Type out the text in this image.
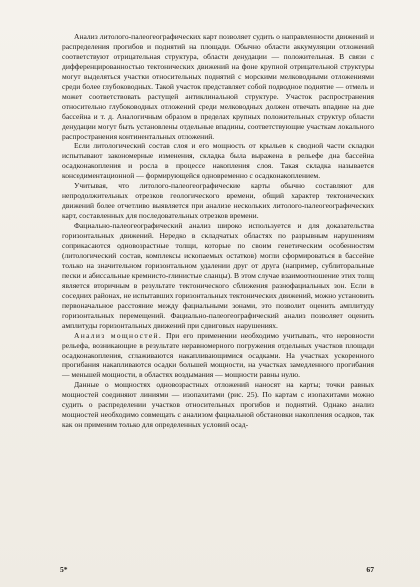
Анализ литолого-палеогеографических карт позволяет судить о направленности движений и распределения прогибов и поднятий на площади. Обычно области аккумуляции отложений соответствуют отрицательная структура, области денудации — положительная. В связи с дифференцированностью тектонических движений на фоне крупной отрицательной структуры могут выделяться участки относительных поднятий с морскими мелководными отложениями среди более глубоководных. Такой участок представляет собой подводное поднятие — отмель и может соответствовать растущей антиклинальной структуре. Участок распространения относительно глубоководных отложений среди мелководных должен отвечать впадине на дне бассейна и т. д. Аналогичным образом в пределах крупных положительных структур области денудации могут быть установлены отдельные впадины, соответствующие участкам локального распространения континентальных отложений.

Если литологический состав слоя и его мощность от крыльев к сводной части складки испытывают закономерные изменения, складка была выражена в рельефе дна бассейна осадконакопления и росла в процессе накопления слоя. Такая складка называется конседиментационной — формирующейся одновременно с осадконакоплением.

Учитывая, что литолого-палеогеографические карты обычно составляют для непродолжительных отрезков геологического времени, общий характер тектонических движений более отчетливо выявляется при анализе нескольких литолого-палеогеографических карт, составленных для последовательных отрезков времени.

Фациально-палеогеографический анализ широко используется и для доказательства горизонтальных движений. Нередко в складчатых областях по разрывным нарушениям соприкасаются одновозрастные толщи, которые по своим генетическим особенностям (литологический состав, комплексы ископаемых остатков) могли сформироваться в бассейне только на значительном горизонтальном удалении друг от друга (например, сублиторальные пески и абиссальные кремнисто-глинистые сланцы). В этом случае взаимоотношение этих толщ является вторичным в результате тектонического сближения разнофациальных зон. Если в соседних районах, не испытавших горизонтальных тектонических движений, можно установить первоначальное расстояние между фациальными зонами, это позволит оценить амплитуду горизонтальных перемещений. Фациально-палеогеографический анализ позволяет оценить амплитуды горизонтальных движений при сдвиговых нарушениях.

Анализ мощностей. При его применении необходимо учитывать, что неровности рельефа, возникающие в результате неравномерного погружения отдельных участков площади осадконакопления, сглаживаются накапливающимися осадками. На участках ускоренного прогибания накапливаются осадки большей мощности, на участках замедленного прогибания — меньшей мощности, в областях воздымания — мощности равны нулю.

Данные о мощностях одновозрастных отложений наносят на карты; точки равных мощностей соединяют линиями — изопахитами (рис. 25). По картам с изопахитами можно судить о распределении участков относительных прогибов и поднятий. Однако анализ мощностей необходимо совмещать с анализом фациальной обстановки накопления осадков, так как он применим только для определенных условий осад-

5*	67
